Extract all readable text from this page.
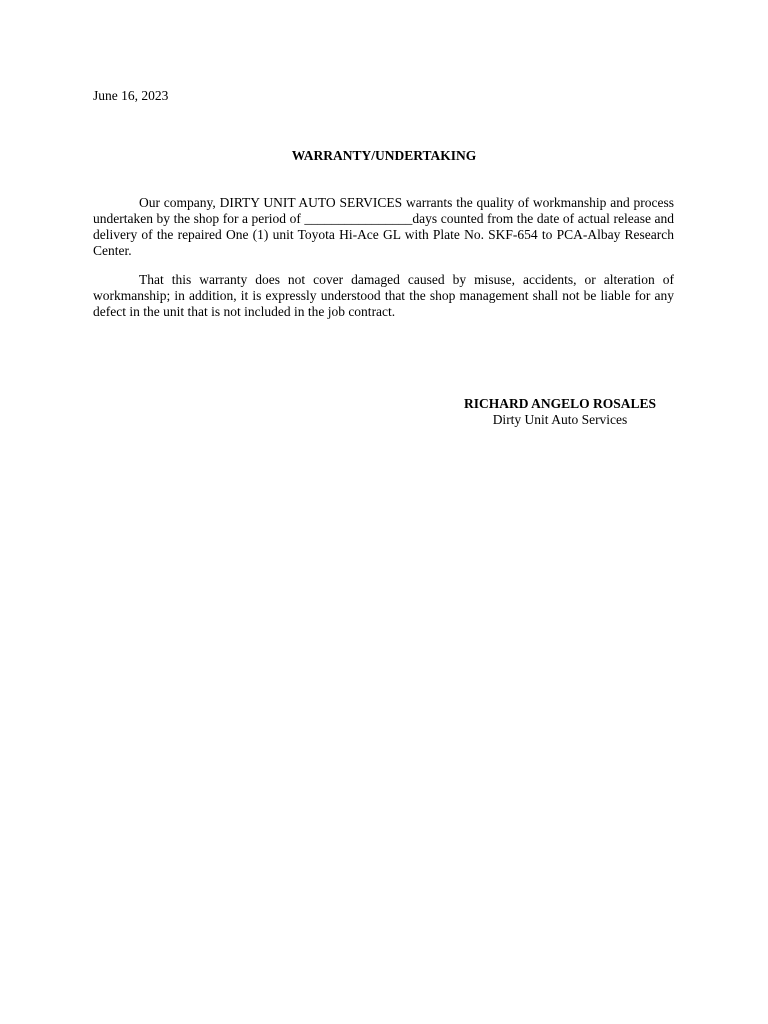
June 16, 2023
WARRANTY/UNDERTAKING

Our company, DIRTY UNIT AUTO SERVICES warrants the quality of workmanship and process undertaken by the shop for a period of ________________days counted from the date of actual release and delivery of the repaired One (1) unit Toyota Hi-Ace GL with Plate No. SKF-654 to PCA-Albay Research Center.

That this warranty does not cover damaged caused by misuse, accidents, or alteration of workmanship; in addition, it is expressly understood that the shop management shall not be liable for any defect in the unit that is not included in the job contract.

RICHARD ANGELO ROSALES
Dirty Unit Auto Services
